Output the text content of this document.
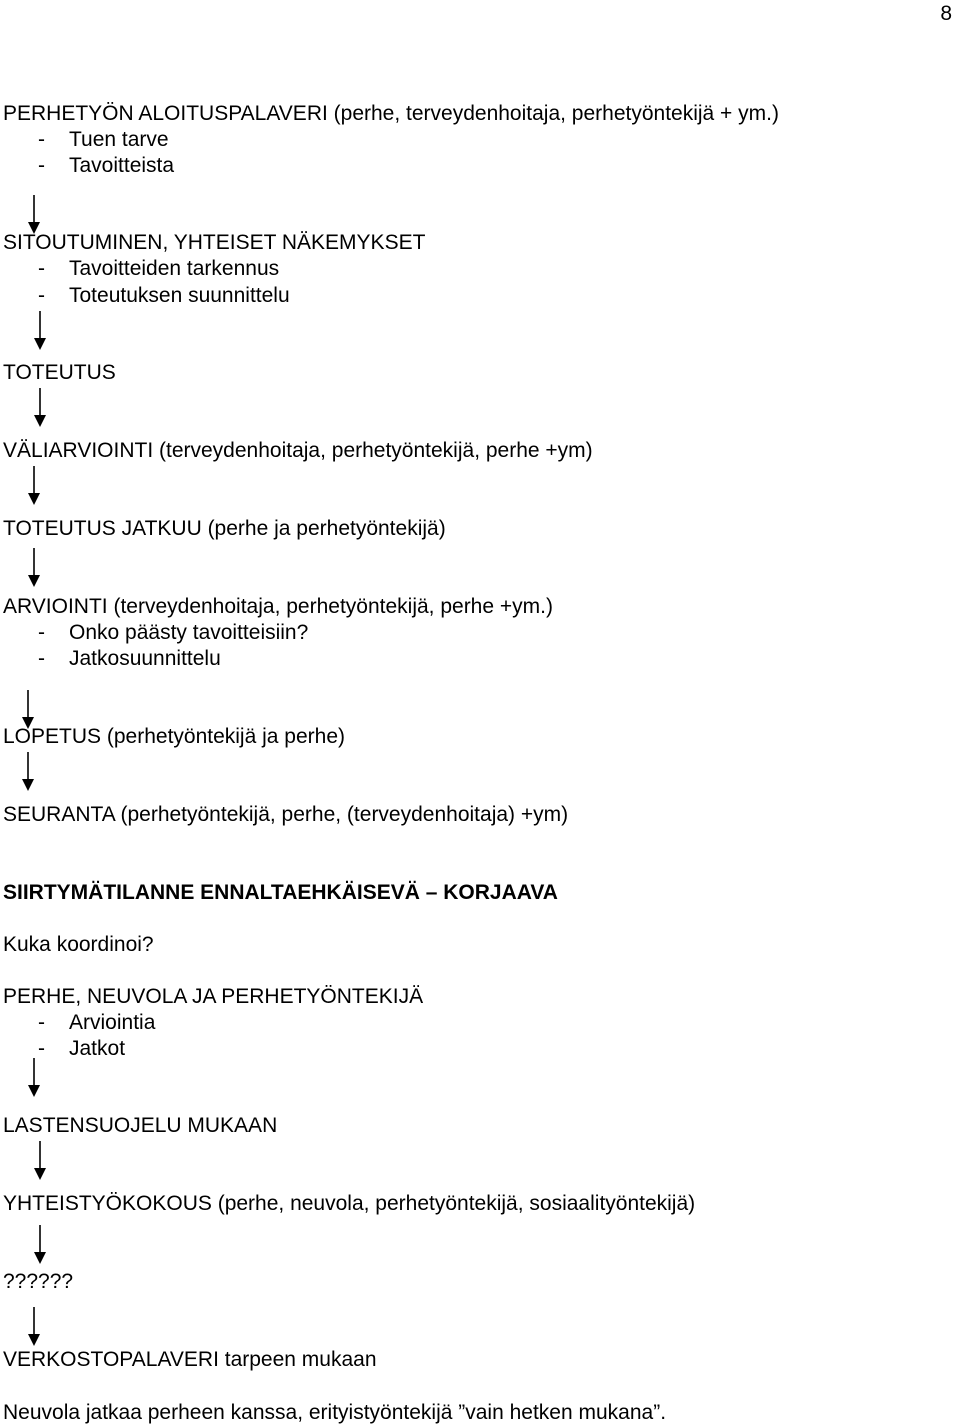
8
PERHETYÖN ALOITUSPALAVERI (perhe, terveydenhoitaja, perhetyöntekijä + ym.)
- Tuen tarve
- Tavoitteista
SITOUTUMINEN, YHTEISET NÄKEMYKSET
- Tavoitteiden tarkennus
- Toteutuksen suunnittelu
TOTEUTUS
VÄLIARVIOINTI (terveydenhoitaja, perhetyöntekijä, perhe +ym)
TOTEUTUS JATKUU (perhe ja perhetyöntekijä)
ARVIOINTI (terveydenhoitaja, perhetyöntekijä, perhe +ym.)
- Onko päästy tavoitteisiin?
- Jatkosuunnittelu
LOPETUS (perhetyöntekijä ja perhe)
SEURANTA (perhetyöntekijä, perhe, (terveydenhoitaja) +ym)
SIIRTYMÄTILANNE ENNALTAEHKÄISEVÄ – KORJAAVA
Kuka koordinoi?
PERHE, NEUVOLA JA PERHETYÖNTEKIJÄ
- Arviointia
- Jatkot
LASTENSUOJELU MUKAAN
YHTEISTYÖKOKOUS (perhe, neuvola, perhetyöntekijä, sosiaalityöntekijä)
??????
VERKOSTOPALAVERI tarpeen mukaan
Neuvola jatkaa perheen kanssa, erityistyöntekijä ”vain hetken mukana”.
